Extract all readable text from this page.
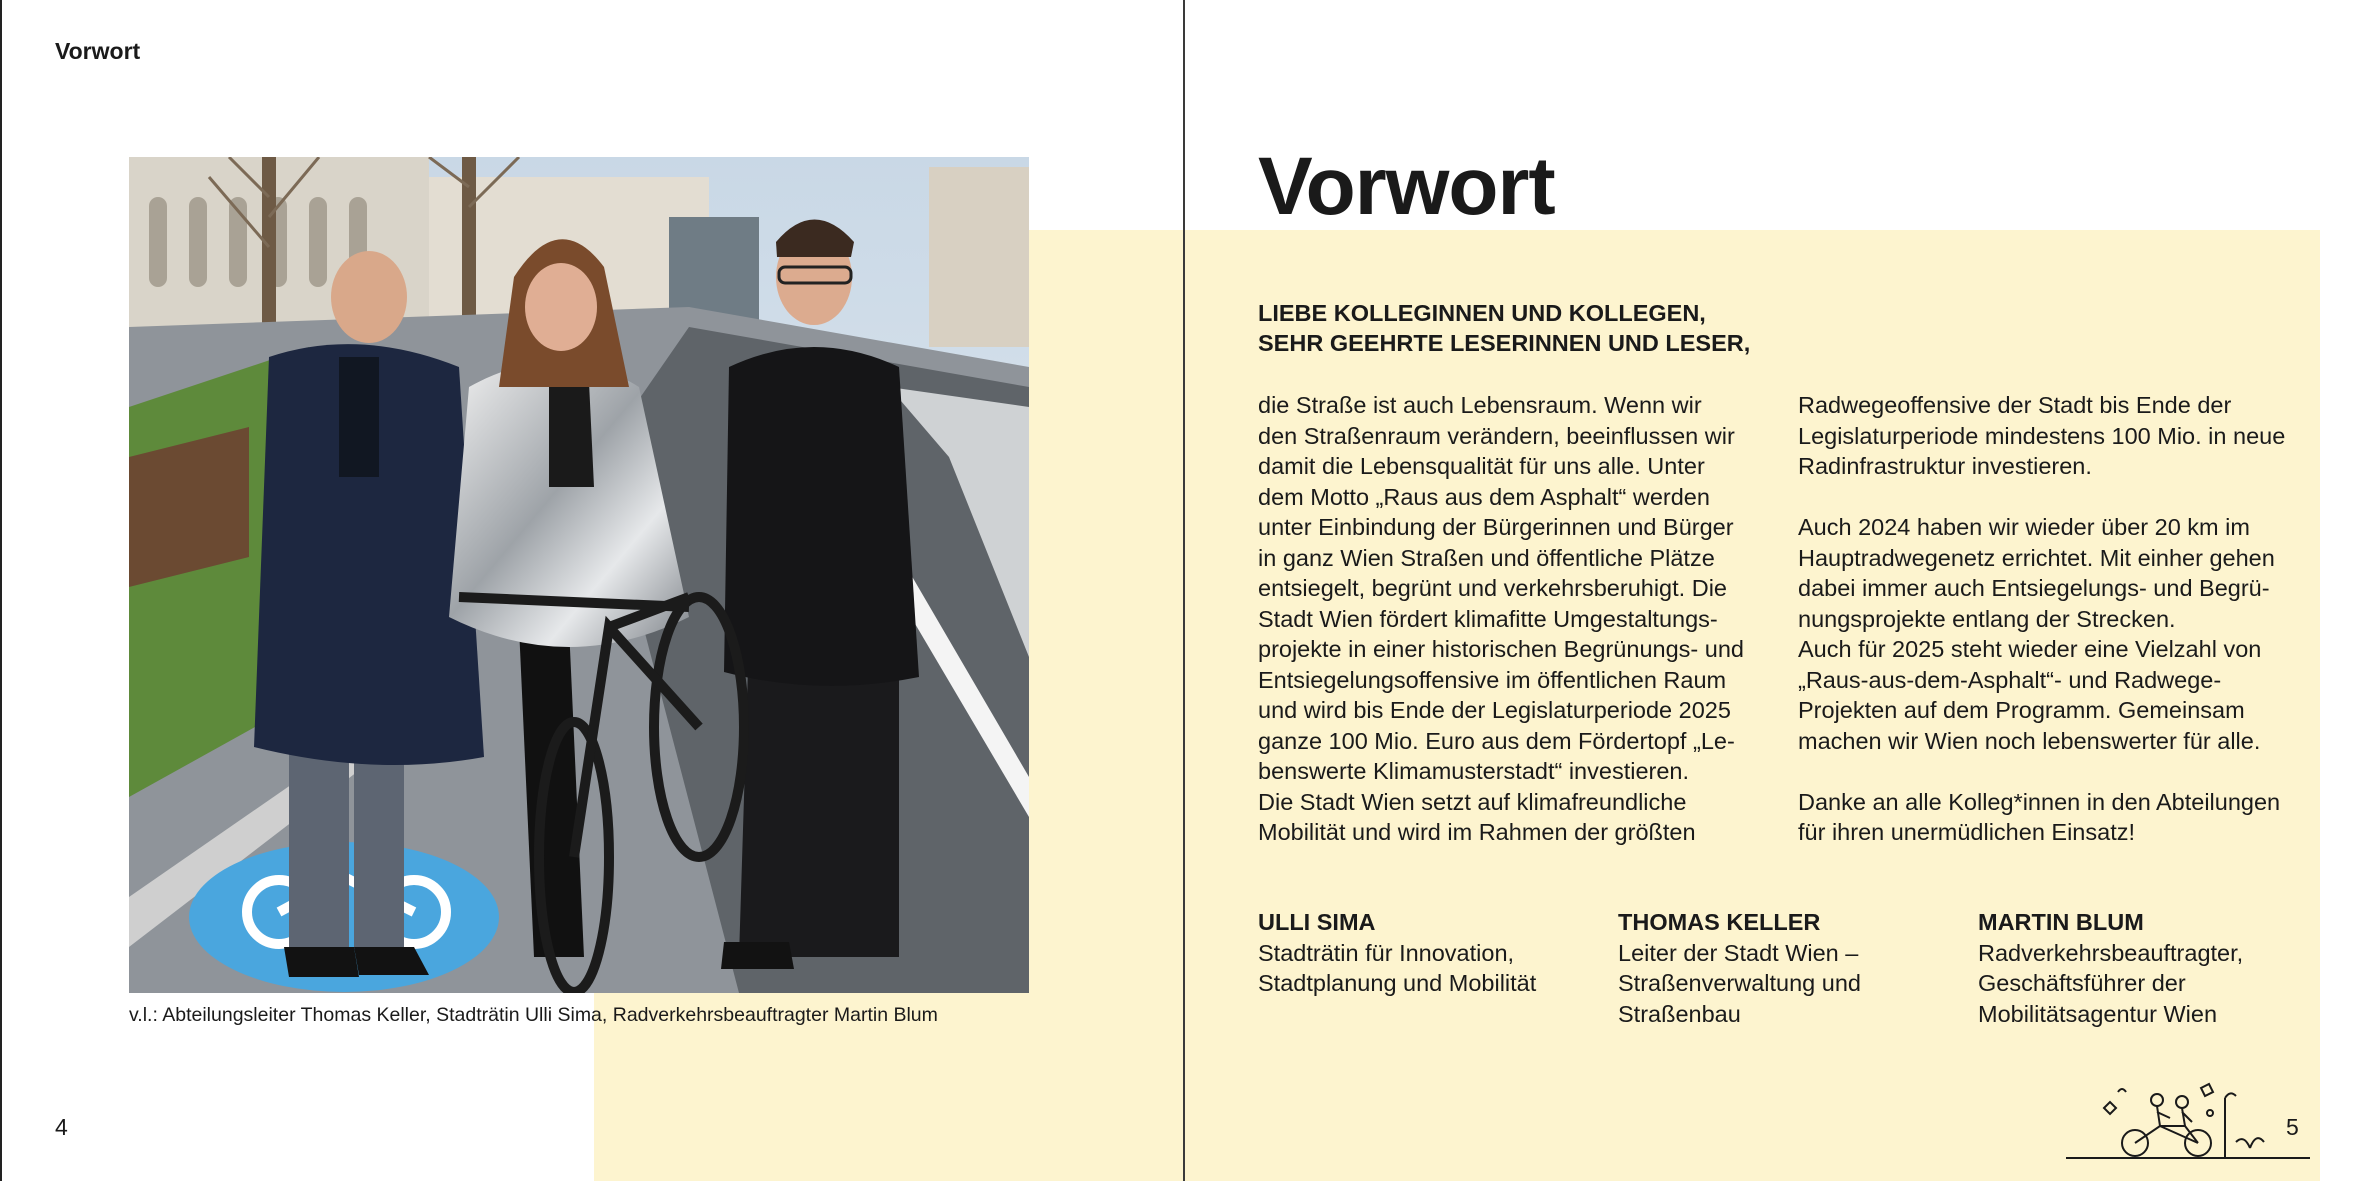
Vorwort
v.l.: Abteilungsleiter Thomas Keller, Stadträtin Ulli Sima, Radverkehrsbeauftragter Martin Blum
Vorwort
LIEBE KOLLEGINNEN UND KOLLEGEN,
SEHR GEEHRTE LESERINNEN UND LESER,
die Straße ist auch Lebensraum. Wenn wir
den Straßenraum verändern, beeinflussen wir
damit die Lebensqualität für uns alle. Unter
dem Motto „Raus aus dem Asphalt“ werden
unter Einbindung der Bürgerinnen und Bürger
in ganz Wien Straßen und öffentliche Plätze
entsiegelt, begrünt und verkehrsberuhigt. Die
Stadt Wien fördert klimafitte Umgestaltungs-
projekte in einer historischen Begrünungs- und
Entsiegelungsoffensive im öffentlichen Raum
und wird bis Ende der Legislaturperiode 2025
ganze 100 Mio. Euro aus dem Fördertopf „Le-
benswerte Klimamusterstadt“ investieren.
Die Stadt Wien setzt auf klimafreundliche
Mobilität und wird im Rahmen der größten
Radwegeoffensive der Stadt bis Ende der
Legislaturperiode mindestens 100 Mio. in neue
Radinfrastruktur investieren.
Auch 2024 haben wir wieder über 20 km im
Hauptradwegenetz errichtet. Mit einher gehen
dabei immer auch Entsiegelungs- und Begrü-
nungsprojekte entlang der Strecken.
Auch für 2025 steht wieder eine Vielzahl von
„Raus-aus-dem-Asphalt“- und Radwege-
Projekten auf dem Programm. Gemeinsam
machen wir Wien noch lebenswerter für alle.
Danke an alle Kolleg*innen in den Abteilungen
für ihren unermüdlichen Einsatz!
ULLI SIMA
Stadträtin für Innovation,
Stadtplanung und Mobilität
THOMAS KELLER
Leiter der Stadt Wien –
Straßenverwaltung und
Straßenbau
MARTIN BLUM
Radverkehrsbeauftragter,
Geschäftsführer der
Mobilitätsagentur Wien
4	5
